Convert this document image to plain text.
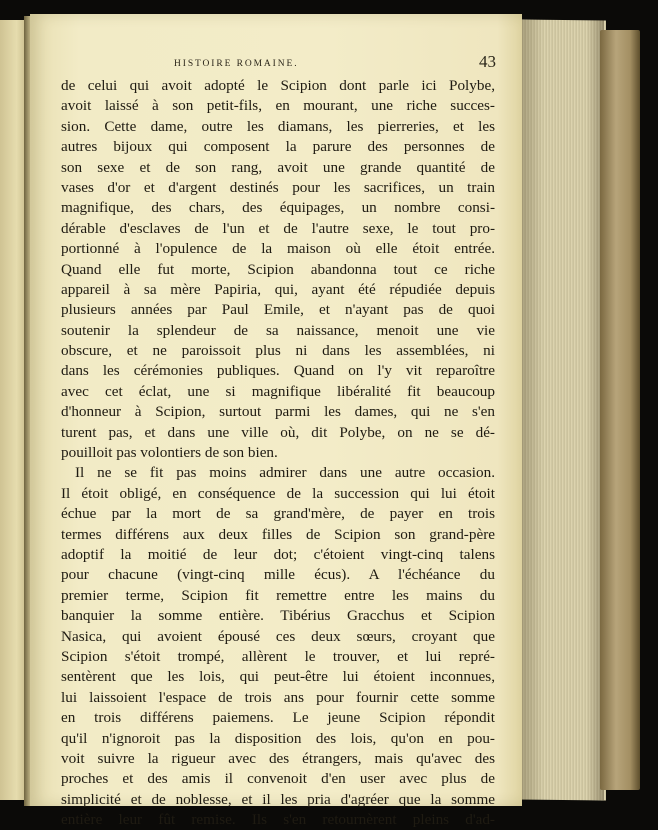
HISTOIRE ROMAINE.	43
de celui qui avoit adopté le Scipion dont parle ici Polybe,
avoit laissé à son petit-fils, en mourant, une riche succes-
sion. Cette dame, outre les diamans, les pierreries, et les
autres bijoux qui composent la parure des personnes de
son sexe et de son rang, avoit une grande quantité de
vases d'or et d'argent destinés pour les sacrifices, un train
magnifique, des chars, des équipages, un nombre consi-
dérable d'esclaves de l'un et de l'autre sexe, le tout pro-
portionné à l'opulence de la maison où elle étoit entrée.
Quand elle fut morte, Scipion abandonna tout ce riche
appareil à sa mère Papiria, qui, ayant été répudiée depuis
plusieurs années par Paul Emile, et n'ayant pas de quoi
soutenir la splendeur de sa naissance, menoit une vie
obscure, et ne paroissoit plus ni dans les assemblées, ni
dans les cérémonies publiques. Quand on l'y vit reparoître
avec cet éclat, une si magnifique libéralité fit beaucoup
d'honneur à Scipion, surtout parmi les dames, qui ne s'en
turent pas, et dans une ville où, dit Polybe, on ne se dé-
pouilloit pas volontiers de son bien.
Il ne se fit pas moins admirer dans une autre occasion.
Il étoit obligé, en conséquence de la succession qui lui étoit
échue par la mort de sa grand'mère, de payer en trois
termes différens aux deux filles de Scipion son grand-père
adoptif la moitié de leur dot; c'étoient vingt-cinq talens
pour chacune (vingt-cinq mille écus). A l'échéance du
premier terme, Scipion fit remettre entre les mains du
banquier la somme entière. Tibérius Gracchus et Scipion
Nasica, qui avoient épousé ces deux sœurs, croyant que
Scipion s'étoit trompé, allèrent le trouver, et lui repré-
sentèrent que les lois, qui peut-être lui étoient inconnues,
lui laissoient l'espace de trois ans pour fournir cette somme
en trois différens paiemens. Le jeune Scipion répondit
qu'il n'ignoroit pas la disposition des lois, qu'on en pou-
voit suivre la rigueur avec des étrangers, mais qu'avec des
proches et des amis il convenoit d'en user avec plus de
simplicité et de noblesse, et il les pria d'agréer que la somme
entière leur fût remise. Ils s'en retournèrent pleins d'ad-
